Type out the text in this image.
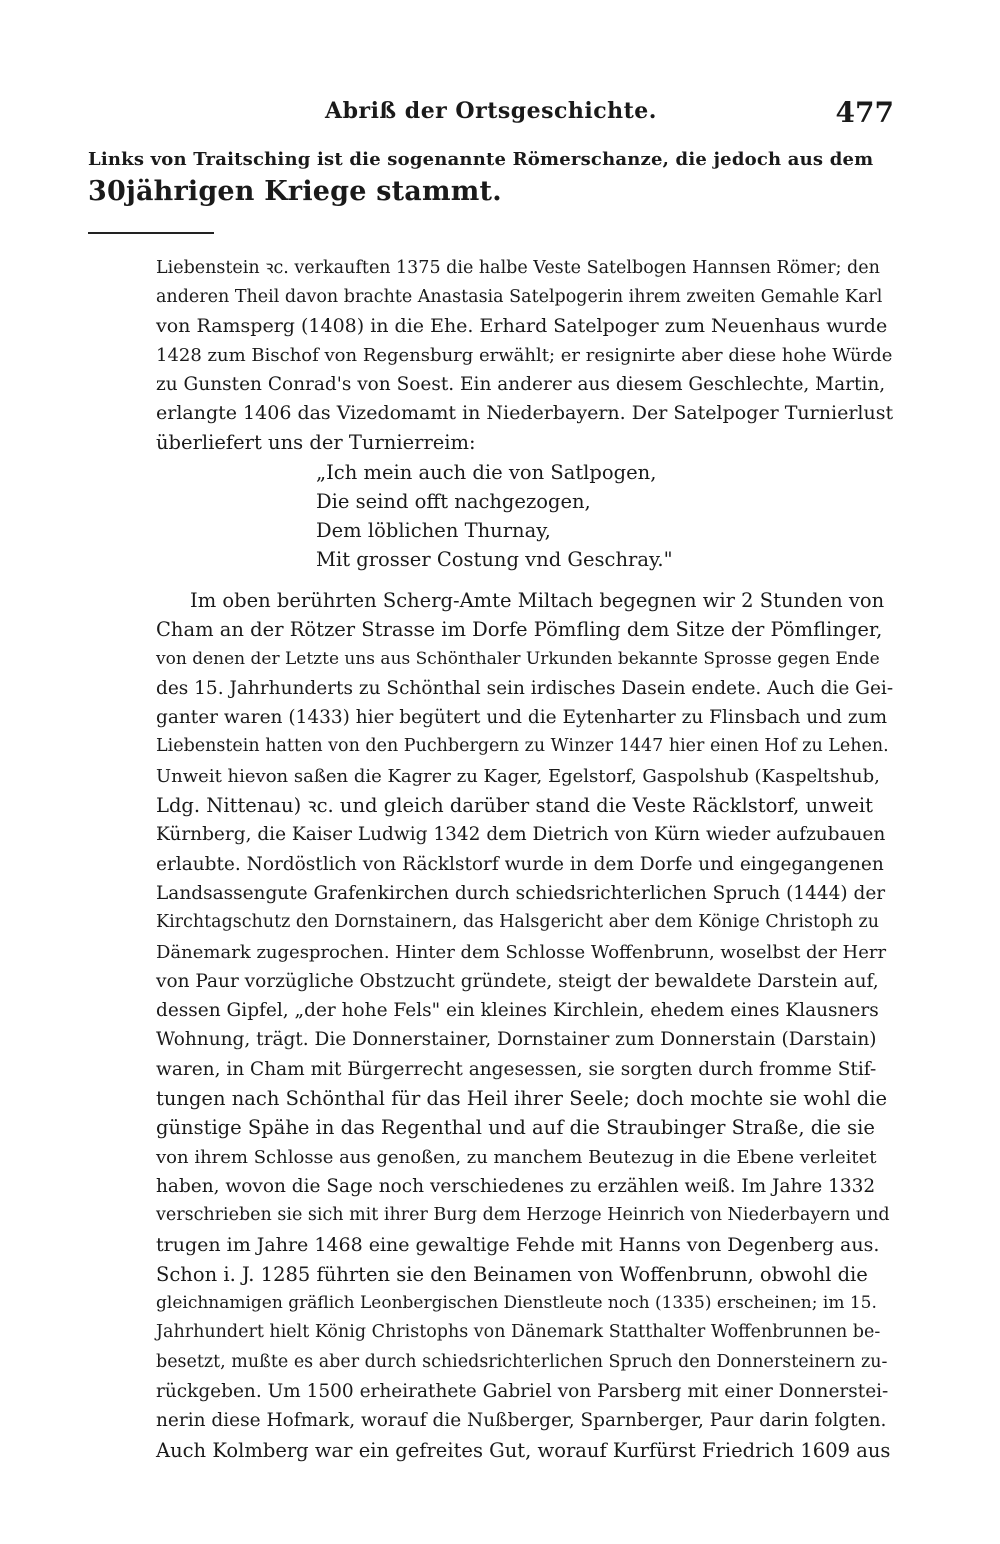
Abriß der Ortsgeschichte.	477
Links von Traitsching ist die sogenannte Römerschanze, die jedoch aus dem
30jährigen Kriege stammt.
Liebenstein ꝛc. verkauften 1375 die halbe Veste Satelbogen Hannsen Römer; den
anderen Theil davon brachte Anastasia Satelpogerin ihrem zweiten Gemahle Karl
von Ramsperg (1408) in die Ehe. Erhard Satelpoger zum Neuenhaus wurde
1428 zum Bischof von Regensburg erwählt; er resignirte aber diese hohe Würde
zu Gunsten Conrad's von Soest. Ein anderer aus diesem Geschlechte, Martin,
erlangte 1406 das Vizedomamt in Niederbayern. Der Satelpoger Turnierlust
überliefert uns der Turnierreim:
„Ich mein auch die von Satlpogen,
Die seind offt nachgezogen,
Dem löblichen Thurnay,
Mit grosser Costung vnd Geschray."
Im oben berührten Scherg-Amte Miltach begegnen wir 2 Stunden von
Cham an der Rötzer Strasse im Dorfe Pömfling dem Sitze der Pömflinger,
von denen der Letzte uns aus Schönthaler Urkunden bekannte Sprosse gegen Ende
des 15. Jahrhunderts zu Schönthal sein irdisches Dasein endete. Auch die Gei-
ganter waren (1433) hier begütert und die Eytenharter zu Flinsbach und zum
Liebenstein hatten von den Puchbergern zu Winzer 1447 hier einen Hof zu Lehen.
Unweit hievon saßen die Kagrer zu Kager, Egelstorf, Gaspolshub (Kaspeltshub,
Ldg. Nittenau) ꝛc. und gleich darüber stand die Veste Räcklstorf, unweit
Kürnberg, die Kaiser Ludwig 1342 dem Dietrich von Kürn wieder aufzubauen
erlaubte. Nordöstlich von Räcklstorf wurde in dem Dorfe und eingegangenen
Landsassengute Grafenkirchen durch schiedsrichterlichen Spruch (1444) der
Kirchtagschutz den Dornstainern, das Halsgericht aber dem Könige Christoph zu
Dänemark zugesprochen. Hinter dem Schlosse Woffenbrunn, woselbst der Herr
von Paur vorzügliche Obstzucht gründete, steigt der bewaldete Darstein auf,
dessen Gipfel, „der hohe Fels" ein kleines Kirchlein, ehedem eines Klausners
Wohnung, trägt. Die Donnerstainer, Dornstainer zum Donnerstain (Darstain)
waren, in Cham mit Bürgerrecht angesessen, sie sorgten durch fromme Stif-
tungen nach Schönthal für das Heil ihrer Seele; doch mochte sie wohl die
günstige Spähe in das Regenthal und auf die Straubinger Straße, die sie
von ihrem Schlosse aus genoßen, zu manchem Beutezug in die Ebene verleitet
haben, wovon die Sage noch verschiedenes zu erzählen weiß. Im Jahre 1332
verschrieben sie sich mit ihrer Burg dem Herzoge Heinrich von Niederbayern und
trugen im Jahre 1468 eine gewaltige Fehde mit Hanns von Degenberg aus.
Schon i. J. 1285 führten sie den Beinamen von Woffenbrunn, obwohl die
gleichnamigen gräflich Leonbergischen Dienstleute noch (1335) erscheinen; im 15.
Jahrhundert hielt König Christophs von Dänemark Statthalter Woffenbrunnen be-
besetzt, mußte es aber durch schiedsrichterlichen Spruch den Donnersteinern zu-
rückgeben. Um 1500 erheirathete Gabriel von Parsberg mit einer Donnerstei-
nerin diese Hofmark, worauf die Nußberger, Sparnberger, Paur darin folgten.
Auch Kolmberg war ein gefreites Gut, worauf Kurfürst Friedrich 1609 aus
